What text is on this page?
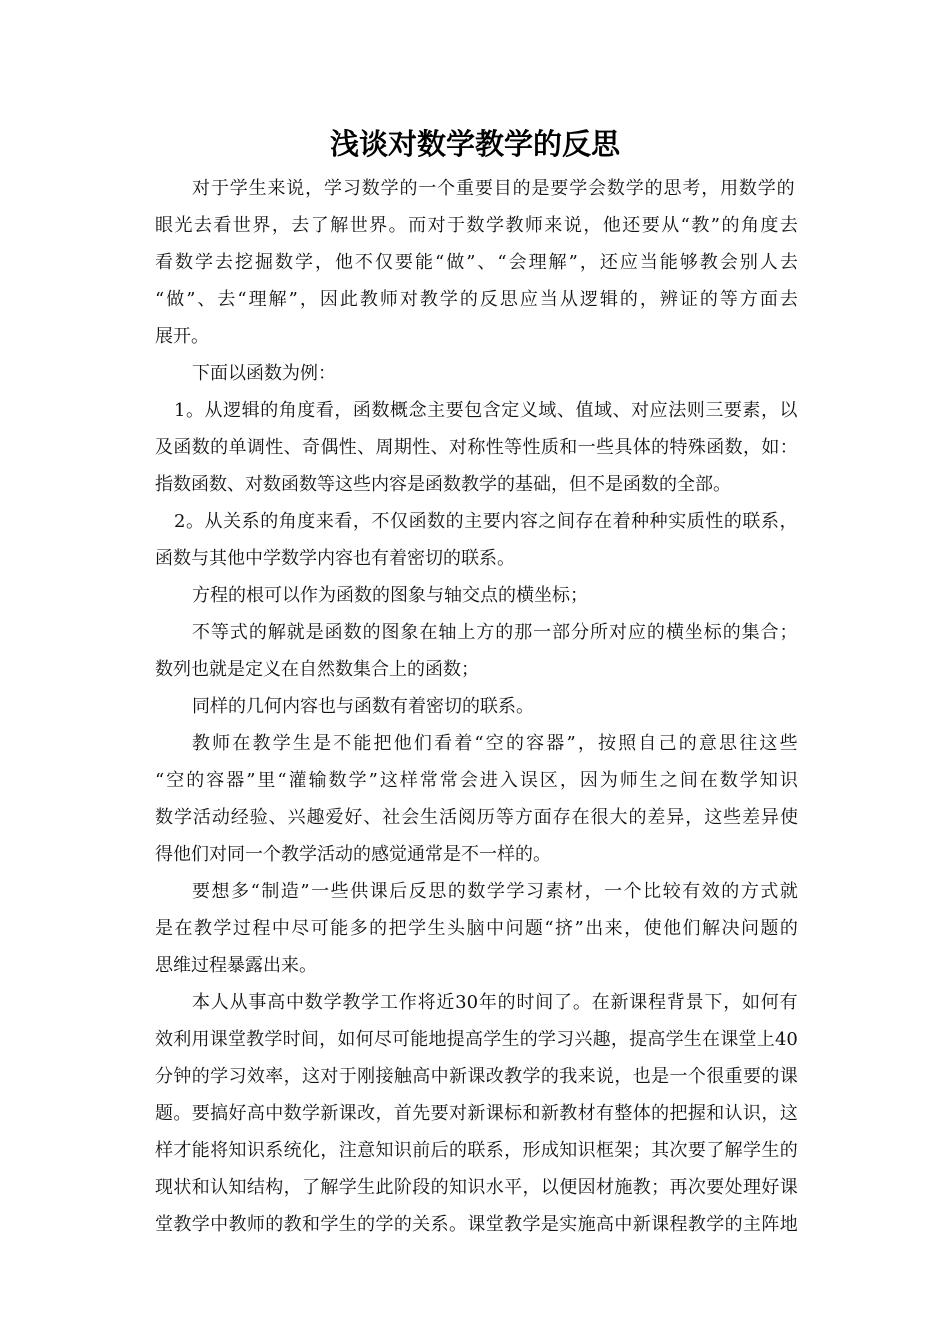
浅谈对数学教学的反思
对 于 学 生 来 说 ， 学 习 数 学 的 一 个 重 要 目 的 是 要 学 会 数 学 的 思 考 ， 用 数 学 的
眼 光 去 看 世 界 ， 去 了 解 世 界 。 而 对 于 数 学 教 师 来 说 ， 他 还 要 从 “ 教 ” 的 角 度 去
看 数 学 去 挖 掘 数 学 ， 他 不 仅 要 能 “ 做 ” 、 “ 会 理 解 ” ， 还 应 当 能 够 教 会 别 人 去
“ 做 ” 、 去 “ 理 解 ” ， 因 此 教 师 对 教 学 的 反 思 应 当 从 逻 辑 的 ， 辨 证 的 等 方 面 去
展开。
下面以函数为例：
1 。 从 逻 辑 的 角 度 看 ， 函 数 概 念 主 要 包 含 定 义 域 、 值 域 、 对 应 法 则 三 要 素 ， 以
及 函 数 的 单 调 性 、 奇 偶 性 、 周 期 性 、 对 称 性 等 性 质 和 一 些 具 体 的 特 殊 函 数 ， 如 ：
指数函数、对数函数等这些内容是函数教学的基础，但不是函数的全部。
2 。 从 关 系 的 角 度 来 看 ， 不 仅 函 数 的 主 要 内 容 之 间 存 在 着 种 种 实 质 性 的 联 系 ，
函数与其他中学数学内容也有着密切的联系。
方程的根可以作为函数的图象与轴交点的横坐标；
不 等 式 的 解 就 是 函 数 的 图 象 在 轴 上 方 的 那 一 部 分 所 对 应 的 横 坐 标 的 集 合 ；
数列也就是定义在自然数集合上的函数；
同样的几何内容也与函数有着密切的联系。
教 师 在 教 学 生 是 不 能 把 他 们 看 着 “ 空 的 容 器 ” ， 按 照 自 己 的 意 思 往 这 些
“ 空 的 容 器 ” 里 “ 灌 输 数 学 ” 这 样 常 常 会 进 入 误 区 ， 因 为 师 生 之 间 在 数 学 知 识
数 学 活 动 经 验 、 兴 趣 爱 好 、 社 会 生 活 阅 历 等 方 面 存 在 很 大 的 差 异 ， 这 些 差 异 使
得他们对同一个教学活动的感觉通常是不一样的。
要 想 多 “ 制 造 ” 一 些 供 课 后 反 思 的 数 学 学 习 素 材 ， 一 个 比 较 有 效 的 方 式 就
是 在 教 学 过 程 中 尽 可 能 多 的 把 学 生 头 脑 中 问 题 “ 挤 ” 出 来 ， 使 他 们 解 决 问 题 的
思维过程暴露出来。
本 人 从 事 高 中 数 学 教 学 工 作 将 近 30 年 的 时 间 了 。 在 新 课 程 背 景 下 ， 如 何 有
效 利 用 课 堂 教 学 时 间 ， 如 何 尽 可 能 地 提 高 学 生 的 学 习 兴 趣 ， 提 高 学 生 在 课 堂 上 40
分 钟 的 学 习 效 率 ， 这 对 于 刚 接 触 高 中 新 课 改 教 学 的 我 来 说 ， 也 是 一 个 很 重 要 的 课
题 。 要 搞 好 高 中 数 学 新 课 改 ， 首 先 要 对 新 课 标 和 新 教 材 有 整 体 的 把 握 和 认 识 ， 这
样 才 能 将 知 识 系 统 化 ， 注 意 知 识 前 后 的 联 系 ， 形 成 知 识 框 架 ； 其 次 要 了 解 学 生 的
现 状 和 认 知 结 构 ， 了 解 学 生 此 阶 段 的 知 识 水 平 ， 以 便 因 材 施 教 ； 再 次 要 处 理 好 课
堂 教 学 中 教 师 的 教 和 学 生 的 学 的 关 系 。 课 堂 教 学 是 实 施 高 中 新 课 程 教 学 的 主 阵 地
